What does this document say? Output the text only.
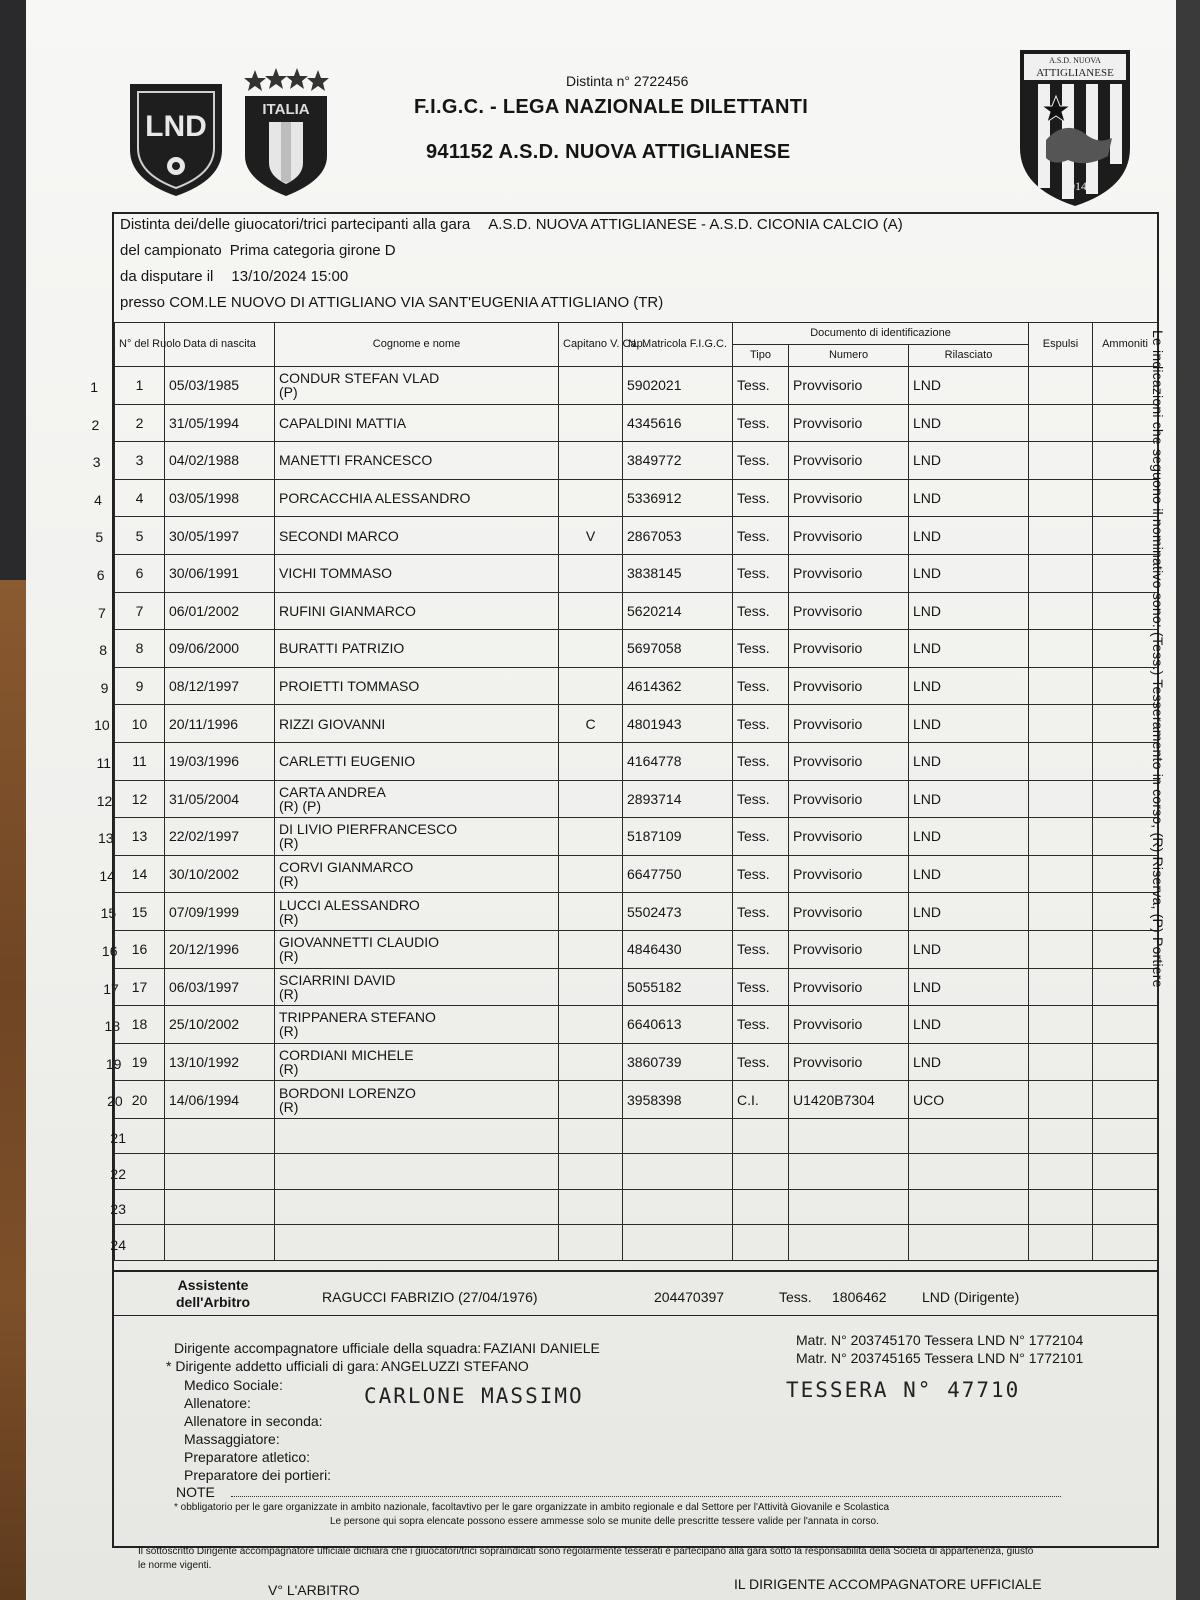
LND
ITALIA
A.S.D. NUOVA
ATTIGLIANESE
2014
Distinta n° 2722456
F.I.G.C. - LEGA NAZIONALE DILETTANTI
941152 A.S.D. NUOVA ATTIGLIANESE
Distinta dei/delle giuocatori/trici partecipanti alla gara A.S.D. NUOVA ATTIGLIANESE - A.S.D. CICONIA CALCIO (A)
del campionato Prima categoria girone D
da disputare il 13/10/2024 15:00
presso COM.LE NUOVO DI ATTIGLIANO VIA SANT'EUGENIA ATTIGLIANO (TR)
1
2
3
4
5
6
7
8
9
10
11
12
13
14
15
16
17
18
19
20
21
22
23
24
N° del Ruolo	Data di nascita	Cognome e nome	Capitano V. Cap.	N. Matricola F.I.G.C.	Documento di identificazione			Espulsi	Ammoniti
					Tipo	Numero	Rilasciato		
1	05/03/1985	CONDUR STEFAN VLAD
(P)		5902021	Tess.	Provvisorio	LND		
2	31/05/1994	CAPALDINI MATTIA		4345616	Tess.	Provvisorio	LND		
3	04/02/1988	MANETTI FRANCESCO		3849772	Tess.	Provvisorio	LND		
4	03/05/1998	PORCACCHIA ALESSANDRO		5336912	Tess.	Provvisorio	LND		
5	30/05/1997	SECONDI MARCO	V	2867053	Tess.	Provvisorio	LND		
6	30/06/1991	VICHI TOMMASO		3838145	Tess.	Provvisorio	LND		
7	06/01/2002	RUFINI GIANMARCO		5620214	Tess.	Provvisorio	LND		
8	09/06/2000	BURATTI PATRIZIO		5697058	Tess.	Provvisorio	LND		
9	08/12/1997	PROIETTI TOMMASO		4614362	Tess.	Provvisorio	LND		
10	20/11/1996	RIZZI GIOVANNI	C	4801943	Tess.	Provvisorio	LND		
11	19/03/1996	CARLETTI EUGENIO		4164778	Tess.	Provvisorio	LND		
12	31/05/2004	CARTA ANDREA
(R) (P)		2893714	Tess.	Provvisorio	LND		
13	22/02/1997	DI LIVIO PIERFRANCESCO
(R)		5187109	Tess.	Provvisorio	LND		
14	30/10/2002	CORVI GIANMARCO
(R)		6647750	Tess.	Provvisorio	LND		
15	07/09/1999	LUCCI ALESSANDRO
(R)		5502473	Tess.	Provvisorio	LND		
16	20/12/1996	GIOVANNETTI CLAUDIO
(R)		4846430	Tess.	Provvisorio	LND		
17	06/03/1997	SCIARRINI DAVID
(R)		5055182	Tess.	Provvisorio	LND		
18	25/10/2002	TRIPPANERA STEFANO
(R)		6640613	Tess.	Provvisorio	LND		
19	13/10/1992	CORDIANI MICHELE
(R)		3860739	Tess.	Provvisorio	LND		
20	14/06/1994	BORDONI LORENZO
(R)		3958398	C.I.	U1420B7304	UCO		

Assistente
dell'Arbitro	RAGUCCI FABRIZIO (27/04/1976)	204470397	Tess. 1806462	LND (Dirigente)
Dirigente accompagnatore ufficiale della squadra: FAZIANI DANIELE
* Dirigente addetto ufficiali di gara: ANGELUZZI STEFANO
Medico Sociale:
Allenatore:
Allenatore in seconda:
Massaggiatore:
Preparatore atletico:
Preparatore dei portieri:
Matr. N° 203745170 Tessera LND N° 1772104
Matr. N° 203745165 Tessera LND N° 1772101
CARLONE MASSIMO	TESSERA N° 47710
NOTE
* obbligatorio per le gare organizzate in ambito nazionale, facoltavtivo per le gare organizzate in ambito regionale e dal Settore per l'Attività Giovanile e Scolastica
Le persone qui sopra elencate possono essere ammesse solo se munite delle prescritte tessere valide per l'annata in corso.
Il sottoscritto Dirigente accompagnatore ufficiale dichiara che i giuocatori/trici sopraindicati sono regolarmente tesserati e partecipano alla gara sotto la responsabilità della Società di appartenenza, giusto
le norme vigenti.
V° L'ARBITRO	IL DIRIGENTE ACCOMPAGNATORE UFFICIALE
Le indicazioni che seguono il nominativo sono: (Tess.) Tesseramento in corso, (R) Riserva, (P) Portiere
